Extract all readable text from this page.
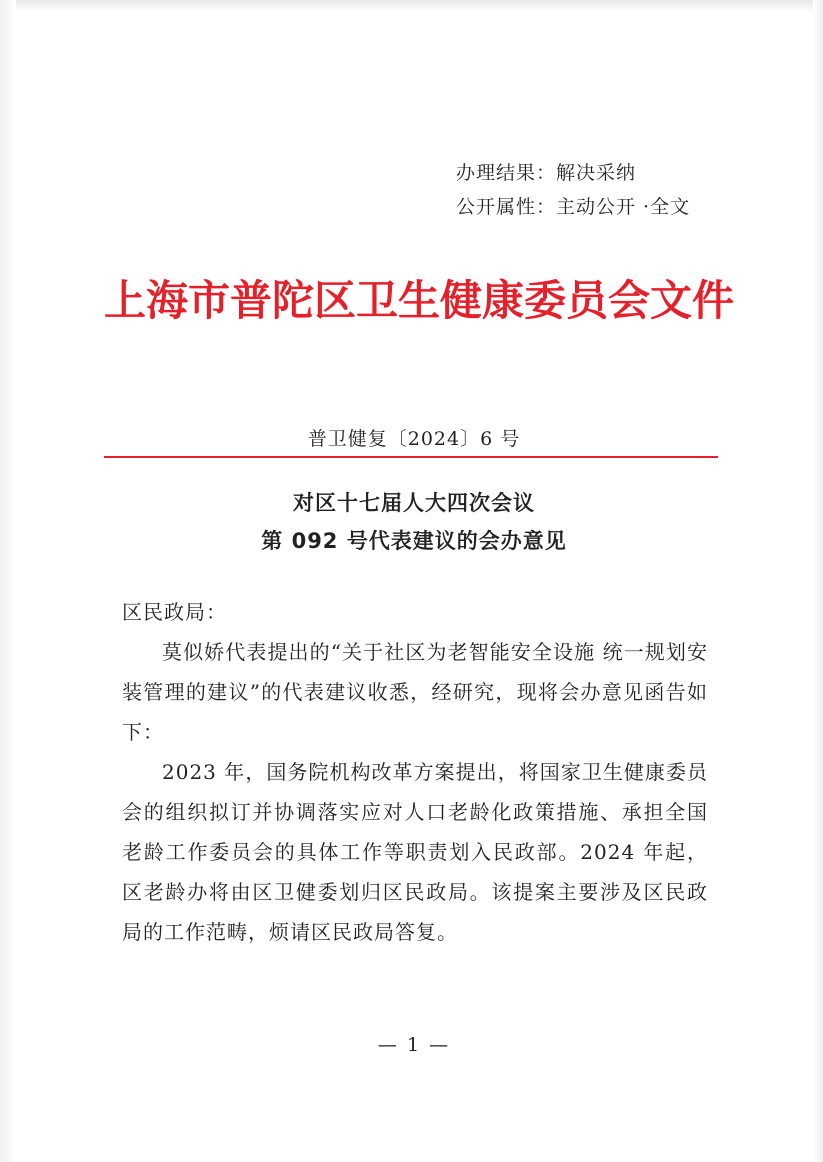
办理结果：解决采纳
公开属性：主动公开 ·全文
上海市普陀区卫生健康委员会文件
普卫健复〔2024〕6 号
对区十七届人大四次会议
第 092 号代表建议的会办意见
区民政局：

莫似娇代表提出的“关于社区为老智能安全设施 统一规划安装管理的建议”的代表建议收悉，经研究，现将会办意见函告如下：

2023 年，国务院机构改革方案提出，将国家卫生健康委员会的组织拟订并协调落实应对人口老龄化政策措施、承担全国老龄工作委员会的具体工作等职责划入民政部。2024 年起，区老龄办将由区卫健委划归区民政局。该提案主要涉及区民政局的工作范畴，烦请区民政局答复。

— 1 —
